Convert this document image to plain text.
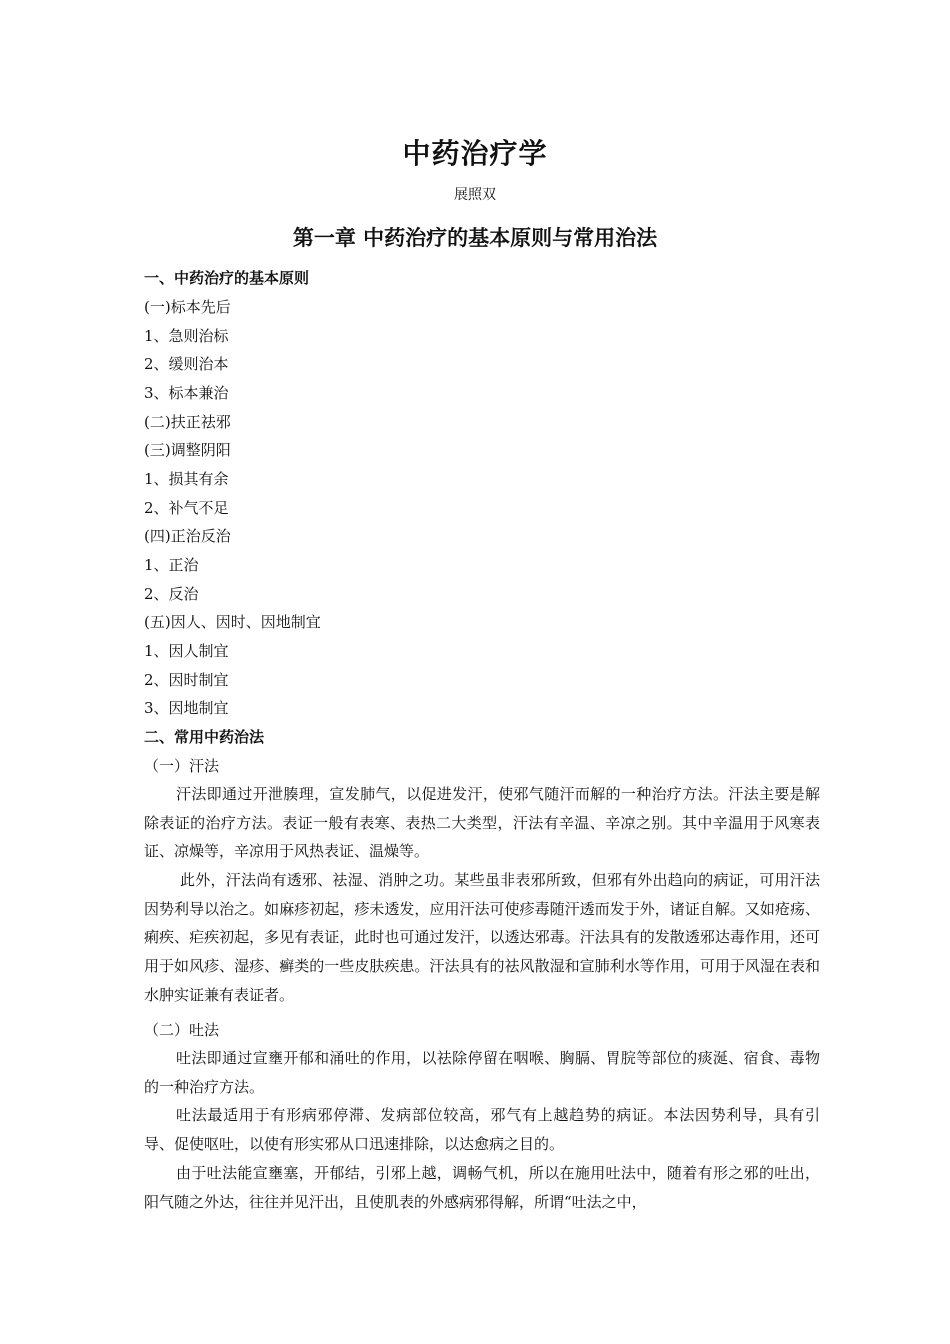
中药治疗学
展照双
第一章 中药治疗的基本原则与常用治法
一、中药治疗的基本原则
(一)标本先后
1、急则治标
2、缓则治本
3、标本兼治
(二)扶正祛邪
(三)调整阴阳
1、损其有余
2、补气不足
(四)正治反治
1、正治
2、反治
(五)因人、因时、因地制宜
1、因人制宜
2、因时制宜
3、因地制宜
二、常用中药治法
（一）汗法
汗法即通过开泄腠理，宣发肺气，以促进发汗，使邪气随汗而解的一种治疗方法。汗法主要是解除表证的治疗方法。表证一般有表寒、表热二大类型，汗法有辛温、辛凉之别。其中辛温用于风寒表证、凉燥等，辛凉用于风热表证、温燥等。
此外，汗法尚有透邪、祛湿、消肿之功。某些虽非表邪所致，但邪有外出趋向的病证，可用汗法因势利导以治之。如麻疹初起，疹未透发，应用汗法可使疹毒随汗透而发于外，诸证自解。又如疮疡、痢疾、疟疾初起，多见有表证，此时也可通过发汗，以透达邪毒。汗法具有的发散透邪达毒作用，还可用于如风疹、湿疹、癣类的一些皮肤疾患。汗法具有的祛风散湿和宣肺利水等作用，可用于风湿在表和水肿实证兼有表证者。
（二）吐法
吐法即通过宣壅开郁和涌吐的作用，以祛除停留在咽喉、胸膈、胃脘等部位的痰涎、宿食、毒物的一种治疗方法。
吐法最适用于有形病邪停滞、发病部位较高，邪气有上越趋势的病证。本法因势利导，具有引导、促使呕吐，以使有形实邪从口迅速排除，以达愈病之目的。
由于吐法能宣壅塞，开郁结，引邪上越，调畅气机，所以在施用吐法中，随着有形之邪的吐出，阳气随之外达，往往并见汗出，且使肌表的外感病邪得解，所谓“吐法之中，
